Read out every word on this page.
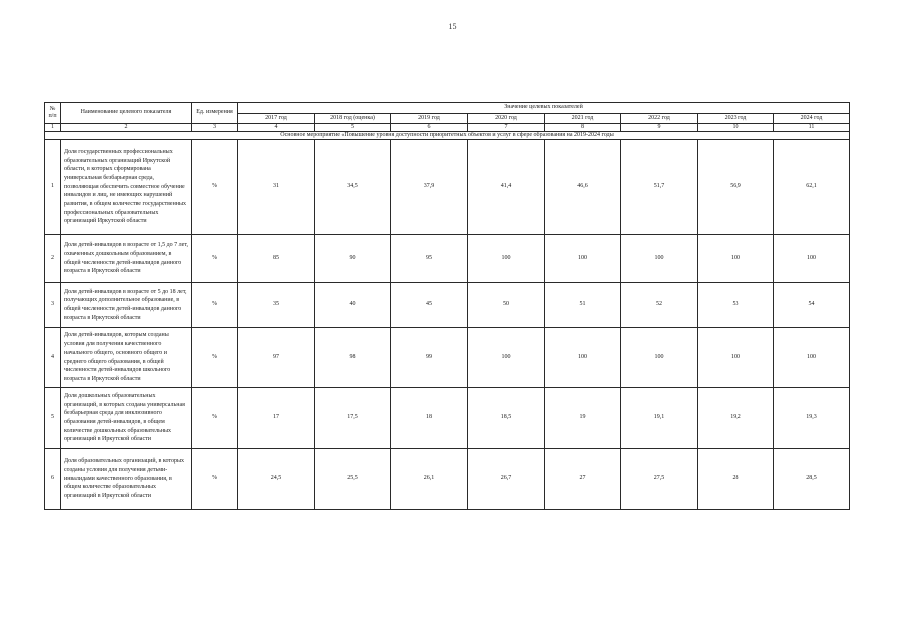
15
№ п/п	Наименование целевого показателя	Ед. измерения	Значение целевых показателей							
			2017 год	2018 год (оценка)	2019 год	2020 год	2021 год	2022 год	2023 год	2024 год
1	2	3	4	5	6	7	8	9	10	11
Основное мероприятие «Повышение уровня доступности приоритетных объектов и услуг в сфере образования на 2019-2024 годы										
1	Доля государственных профессиональных образовательных организаций Иркутской области, в которых сформирована универсальная безбарьерная среда, позволяющая обеспечить совместное обучение инвалидов и лиц, не имеющих нарушений развития, в общем количестве государственных профессиональных образовательных организаций Иркутской области	%	31	34,5	37,9	41,4	46,6	51,7	56,9	62,1
2	Доля детей-инвалидов в возрасте от 1,5 до 7 лет, охваченных дошкольным образованием, в общей численности детей-инвалидов данного возраста в Иркутской области	%	85	90	95	100	100	100	100	100
3	Доля детей-инвалидов в возрасте от 5 до 18 лет, получающих дополнительное образование, в общей численности детей-инвалидов данного возраста в Иркутской области	%	35	40	45	50	51	52	53	54
4	Доля детей-инвалидов, которым созданы условия для получения качественного начального общего, основного общего и среднего общего образования, в общей численности детей-инвалидов школьного возраста в Иркутской области	%	97	98	99	100	100	100	100	100
5	Доля дошкольных образовательных организаций, в которых создана универсальная безбарьерная среда для инклюзивного образования детей-инвалидов, в общем количестве дошкольных образовательных организаций в Иркутской области	%	17	17,5	18	18,5	19	19,1	19,2	19,3
6	Доля образовательных организаций, в которых созданы условия для получения детьми-инвалидами качественного образования, в общем количестве образовательных организаций в Иркутской области	%	24,5	25,5	26,1	26,7	27	27,5	28	28,5
